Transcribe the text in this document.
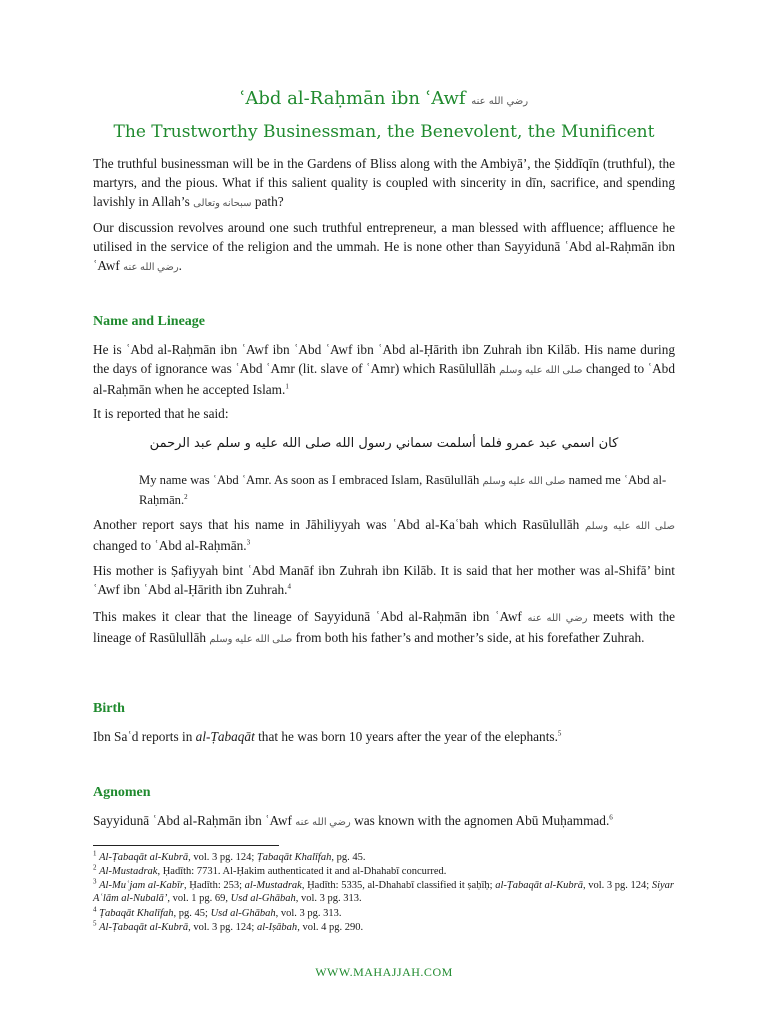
ʿAbd al-Raḥmān ibn ʿAwf رضي الله عنه
The Trustworthy Businessman, the Benevolent, the Munificent
The truthful businessman will be in the Gardens of Bliss along with the Ambiyā’, the Ṣiddīqīn (truthful), the martyrs, and the pious. What if this salient quality is coupled with sincerity in dīn, sacrifice, and spending lavishly in Allah’s سبحانه وتعالى path?
Our discussion revolves around one such truthful entrepreneur, a man blessed with affluence; affluence he utilised in the service of the religion and the ummah. He is none other than Sayyidunā ʿAbd al-Raḥmān ibn ʿAwf رضي الله عنه.
Name and Lineage
He is ʿAbd al-Raḥmān ibn ʿAwf ibn ʿAbd ʿAwf ibn ʿAbd al-Ḥārith ibn Zuhrah ibn Kilāb. His name during the days of ignorance was ʿAbd ʿAmr (lit. slave of ʿAmr) which Rasūlullāh صلى الله عليه وسلم changed to ʿAbd al-Raḥmān when he accepted Islam.$^1$
It is reported that he said:
كان اسمي عبد عمرو فلما أسلمت سماني رسول الله صلى الله عليه و سلم عبد الرحمن
My name was ʿAbd ʿAmr. As soon as I embraced Islam, Rasūlullāh صلى الله عليه وسلم named me ʿAbd al-Raḥmān.$^2$
Another report says that his name in Jāhiliyyah was ʿAbd al-Kaʿbah which Rasūlullāh صلى الله عليه وسلم changed to ʿAbd al-Raḥmān.$^3$
His mother is Ṣafiyyah bint ʿAbd Manāf ibn Zuhrah ibn Kilāb. It is said that her mother was al-Shifā’ bint ʿAwf ibn ʿAbd al-Ḥārith ibn Zuhrah.$^4$
This makes it clear that the lineage of Sayyidunā ʿAbd al-Raḥmān ibn ʿAwf رضي الله عنه meets with the lineage of Rasūlullāh صلى الله عليه وسلم from both his father’s and mother’s side, at his forefather Zuhrah.
Birth
Ibn Saʿd reports in al-Ṭabaqāt that he was born 10 years after the year of the elephants.$^5$
Agnomen
Sayyidunā ʿAbd al-Raḥmān ibn ʿAwf رضي الله عنه was known with the agnomen Abū Muḥammad.$^6$
$^1$ Al-Ṭabaqāt al-Kubrā, vol. 3 pg. 124; Ṭabaqāt Khalīfah, pg. 45.
$^2$ Al-Mustadrak, Ḥadīth: 7731. Al-Ḥakim authenticated it and al-Dhahabī concurred.
$^3$ Al-Muʿjam al-Kabīr, Ḥadīth: 253; al-Mustadrak, Ḥadīth: 5335, al-Dhahabī classified it ṣaḥīḥ; al-Ṭabaqāt al-Kubrā, vol. 3 pg. 124; Siyar Aʿlām al-Nubalā’, vol. 1 pg. 69, Usd al-Ghābah, vol. 3 pg. 313.
$^4$ Ṭabaqāt Khalīfah, pg. 45; Usd al-Ghābah, vol. 3 pg. 313.
$^5$ Al-Ṭabaqāt al-Kubrā, vol. 3 pg. 124; al-Iṣābah, vol. 4 pg. 290.
WWW.MAHAJJAH.COM
